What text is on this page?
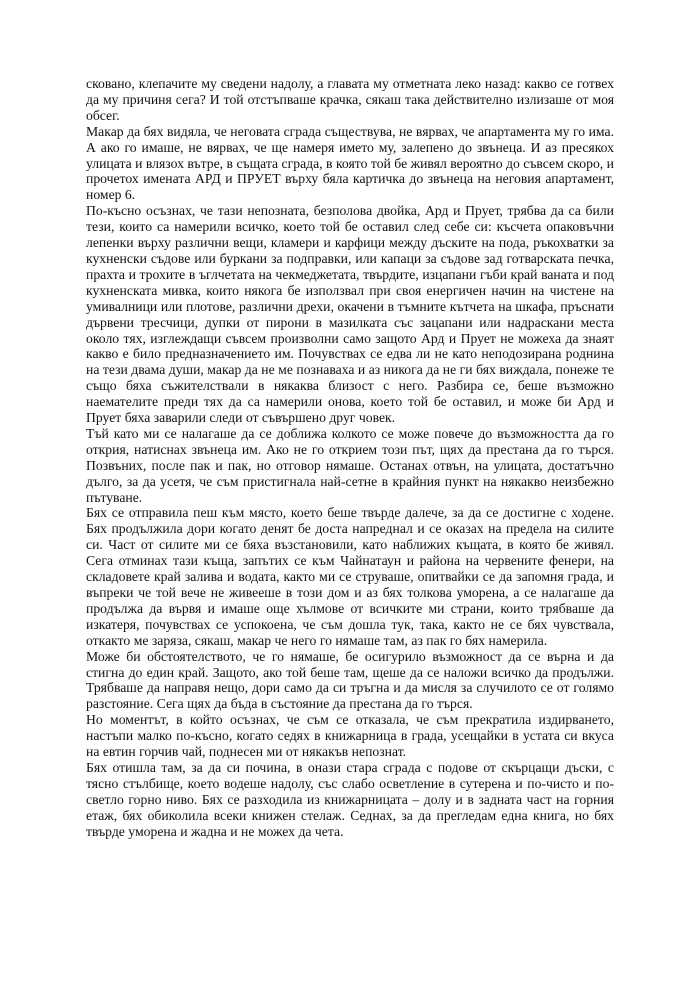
сковано, клепачите му сведени надолу, а главата му отметната леко назад: какво се готвех да му причиня сега? И той отстъпваше крачка, сякаш така действително излизаше от моя обсег.

Макар да бях видяла, че неговата сграда съществува, не вярвах, че апартамента му го има. А ако го имаше, не вярвах, че ще намеря името му, залепено до звънеца. И аз пресякох улицата и влязох вътре, в същата сграда, в която той бе живял вероятно до съвсем скоро, и прочетох имената АРД и ПРУЕТ върху бяла картичка до звънеца на неговия апартамент, номер 6.

По-късно осъзнах, че тази непозната, безполова двойка, Ард и Прует, трябва да са били тези, които са намерили всичко, което той бе оставил след себе си: късчета опаковъчни лепенки върху различни вещи, кламери и карфици между дъските на пода, ръкохватки за кухненски съдове или буркани за подправки, или капаци за съдове зад готварската печка, прахта и трохите в ъглчетата на чекмеджетата, твърдите, изцапани гъби край ваната и под кухненската мивка, които някога бе използвал при своя енергичен начин на чистене на умивалници или плотове, различни дрехи, окачени в тъмните кътчета на шкафа, пръснати дървени тресчици, дупки от пирони в мазилката със зацапани или надраскани места около тях, изглеждащи съвсем произволни само защото Ард и Прует не можеха да знаят какво е било предназначението им. Почувствах се едва ли не като неподозирана роднина на тези двама души, макар да не ме познаваха и аз никога да не ги бях виждала, понеже те също бяха съжителствали в някаква близост с него. Разбира се, беше възможно наемателите преди тях да са намерили онова, което той бе оставил, и може би Ард и Прует бяха заварили следи от съвършено друг човек.

Тъй като ми се налагаше да се доближа колкото се може повече до възможността да го открия, натиснах звънеца им. Ако не го открием този път, щях да престана да го търся. Позвъних, после пак и пак, но отговор нямаше. Останах отвън, на улицата, достатъчно дълго, за да усетя, че съм пристигнала най-сетне в крайния пункт на някакво неизбежно пътуване.

Бях се отправила пеш към място, което беше твърде далече, за да се достигне с ходене. Бях продължила дори когато денят бе доста напреднал и се оказах на предела на силите си. Част от силите ми се бяха възстановили, като наближих къщата, в която бе живял. Сега отминах тази къща, запътих се към Чайнатаун и района на червените фенери, на складовете край залива и водата, както ми се струваше, опитвайки се да запомня града, и въпреки че той вече не живееше в този дом и аз бях толкова уморена, а се налагаше да продължа да вървя и имаше още хълмове от всичките ми страни, които трябваше да изкатеря, почувствах се успокоена, че съм дошла тук, така, както не се бях чувствала, откакто ме заряза, сякаш, макар че него го нямаше там, аз пак го бях намерила.

Може би обстоятелството, че го нямаше, бе осигурило възможност да се върна и да стигна до един край. Защото, ако той беше там, щеше да се наложи всичко да продължи. Трябваше да направя нещо, дори само да си тръгна и да мисля за случилото се от голямо разстояние. Сега щях да бъда в състояние да престана да го търся.

Но моментът, в който осъзнах, че съм се отказала, че съм прекратила издирването, настъпи малко по-късно, когато седях в книжарница в града, усещайки в устата си вкуса на евтин горчив чай, поднесен ми от някакъв непознат.

Бях отишла там, за да си почина, в онази стара сграда с подове от скърцащи дъски, с тясно стълбище, което водеше надолу, със слабо осветление в сутерена и по-чисто и по-светло горно ниво. Бях се разходила из книжарницата – долу и в задната част на горния етаж, бях обиколила всеки книжен стелаж. Седнах, за да прегледам една книга, но бях твърде уморена и жадна и не можех да чета.
